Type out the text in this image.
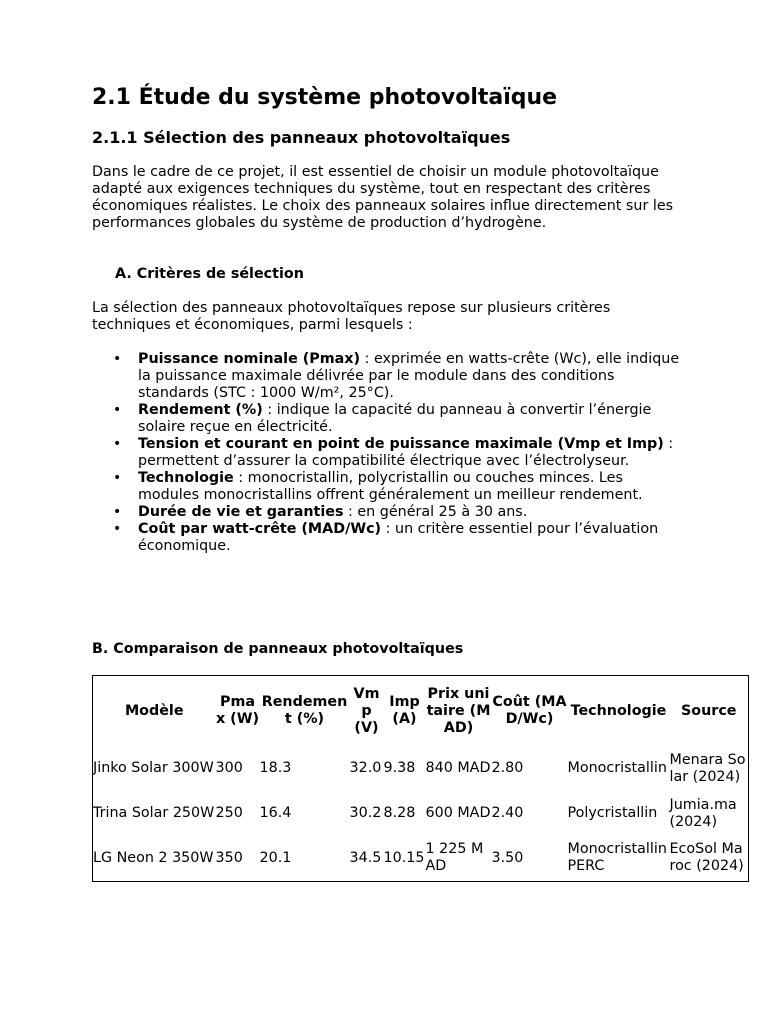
2.1 Étude du système photovoltaïque
2.1.1 Sélection des panneaux photovoltaïques

Dans le cadre de ce projet, il est essentiel de choisir un module photovoltaïque adapté aux exigences techniques du système, tout en respectant des critères économiques réalistes. Le choix des panneaux solaires influe directement sur les performances globales du système de production d’hydrogène.

A. Critères de sélection

La sélection des panneaux photovoltaïques repose sur plusieurs critères techniques et économiques, parmi lesquels :

• Puissance nominale (Pmax) : exprimée en watts-crête (Wc), elle indique la puissance maximale délivrée par le module dans des conditions standards (STC : 1000 W/m², 25°C).
• Rendement (%) : indique la capacité du panneau à convertir l’énergie solaire reçue en électricité.
• Tension et courant en point de puissance maximale (Vmp et Imp) : permettent d’assurer la compatibilité électrique avec l’électrolyseur.
• Technologie : monocristallin, polycristallin ou couches minces. Les modules monocristallins offrent généralement un meilleur rendement.
• Durée de vie et garanties : en général 25 à 30 ans.
• Coût par watt-crête (MAD/Wc) : un critère essentiel pour l’évaluation économique.
B. Comparaison de panneaux photovoltaïques
Modèle	Pmax (W)	Rendement (%)	Vmp (V)	Imp (A)	Prix unitaire (MAD)	Coût (MAD/Wc)	Technologie	Source
Jinko Solar 300W	300	18.3	32.0	9.38	840 MAD	2.80	Monocristallin	Menara Solar (2024)
Trina Solar 250W	250	16.4	30.2	8.28	600 MAD	2.40	Polycristallin	Jumia.ma (2024)
LG Neon 2 350W	350	20.1	34.5	10.15	1 225 MAD	3.50	Monocristallin PERC	EcoSol Maroc (2024)
